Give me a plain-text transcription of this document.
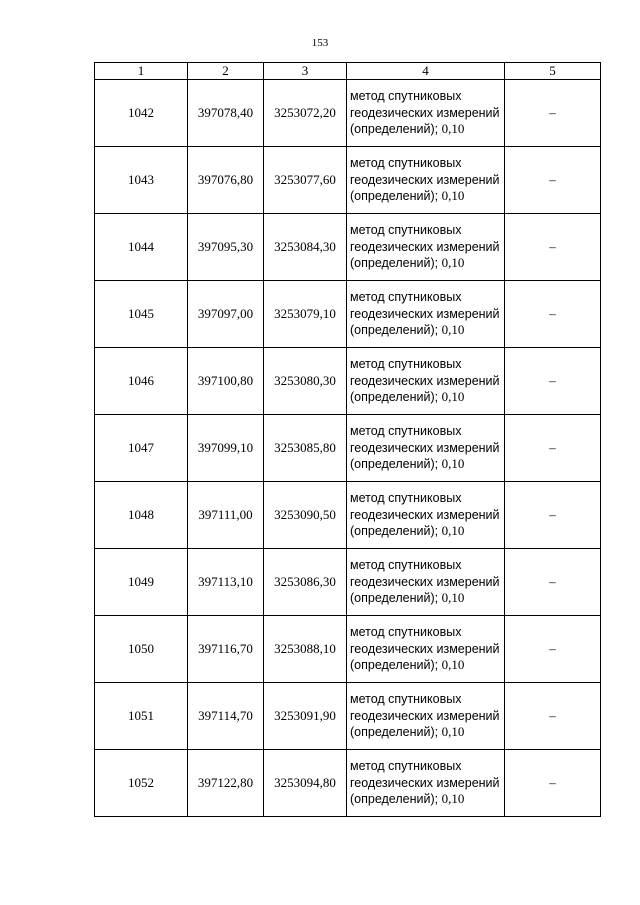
153
1	2	3	4	5
1042	397078,40	3253072,20	метод спутниковых геодезических измерений (определений); 0,10	–
1043	397076,80	3253077,60	метод спутниковых геодезических измерений (определений); 0,10	–
1044	397095,30	3253084,30	метод спутниковых геодезических измерений (определений); 0,10	–
1045	397097,00	3253079,10	метод спутниковых геодезических измерений (определений); 0,10	–
1046	397100,80	3253080,30	метод спутниковых геодезических измерений (определений); 0,10	–
1047	397099,10	3253085,80	метод спутниковых геодезических измерений (определений); 0,10	–
1048	397111,00	3253090,50	метод спутниковых геодезических измерений (определений); 0,10	–
1049	397113,10	3253086,30	метод спутниковых геодезических измерений (определений); 0,10	–
1050	397116,70	3253088,10	метод спутниковых геодезических измерений (определений); 0,10	–
1051	397114,70	3253091,90	метод спутниковых геодезических измерений (определений); 0,10	–
1052	397122,80	3253094,80	метод спутниковых геодезических измерений (определений); 0,10	–
